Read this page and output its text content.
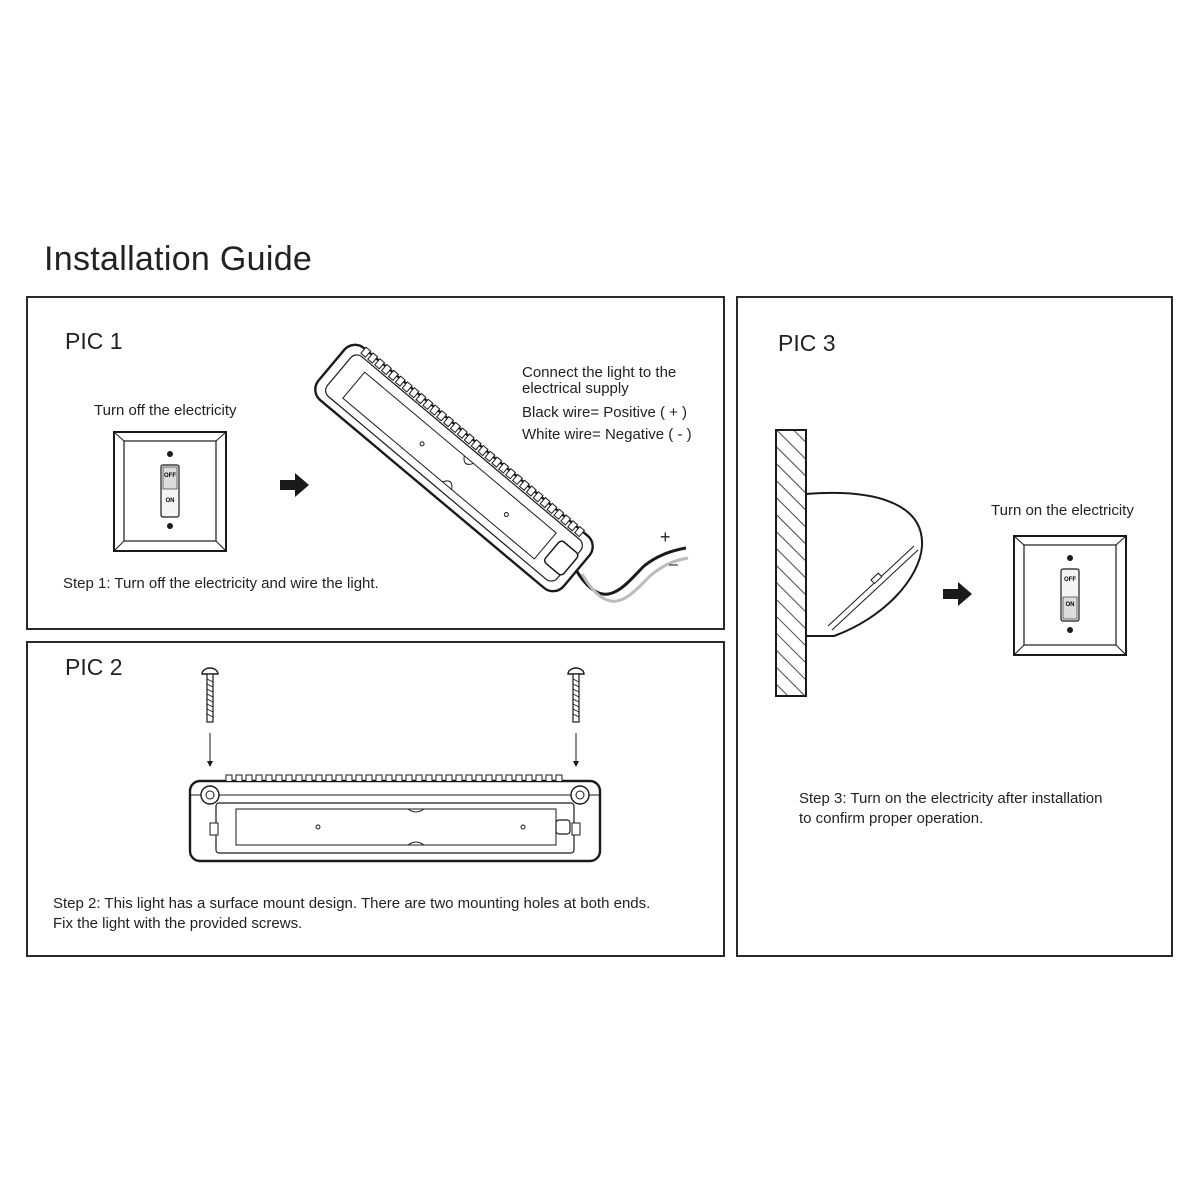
Installation Guide

PIC 1

Turn off the electricity

OFF
ON

+

–

Connect the light to the

electrical supply

Black wire= Positive ( + )

White wire= Negative ( - )

Step 1: Turn off the electricity and wire the light.

PIC 2

Step 2: This light has a surface mount design. There are two mounting holes at both ends.

Fix the light with the provided screws.

PIC 3

Turn on the electricity

OFF
ON

Step 3: Turn on the electricity after installation

to confirm proper operation.
